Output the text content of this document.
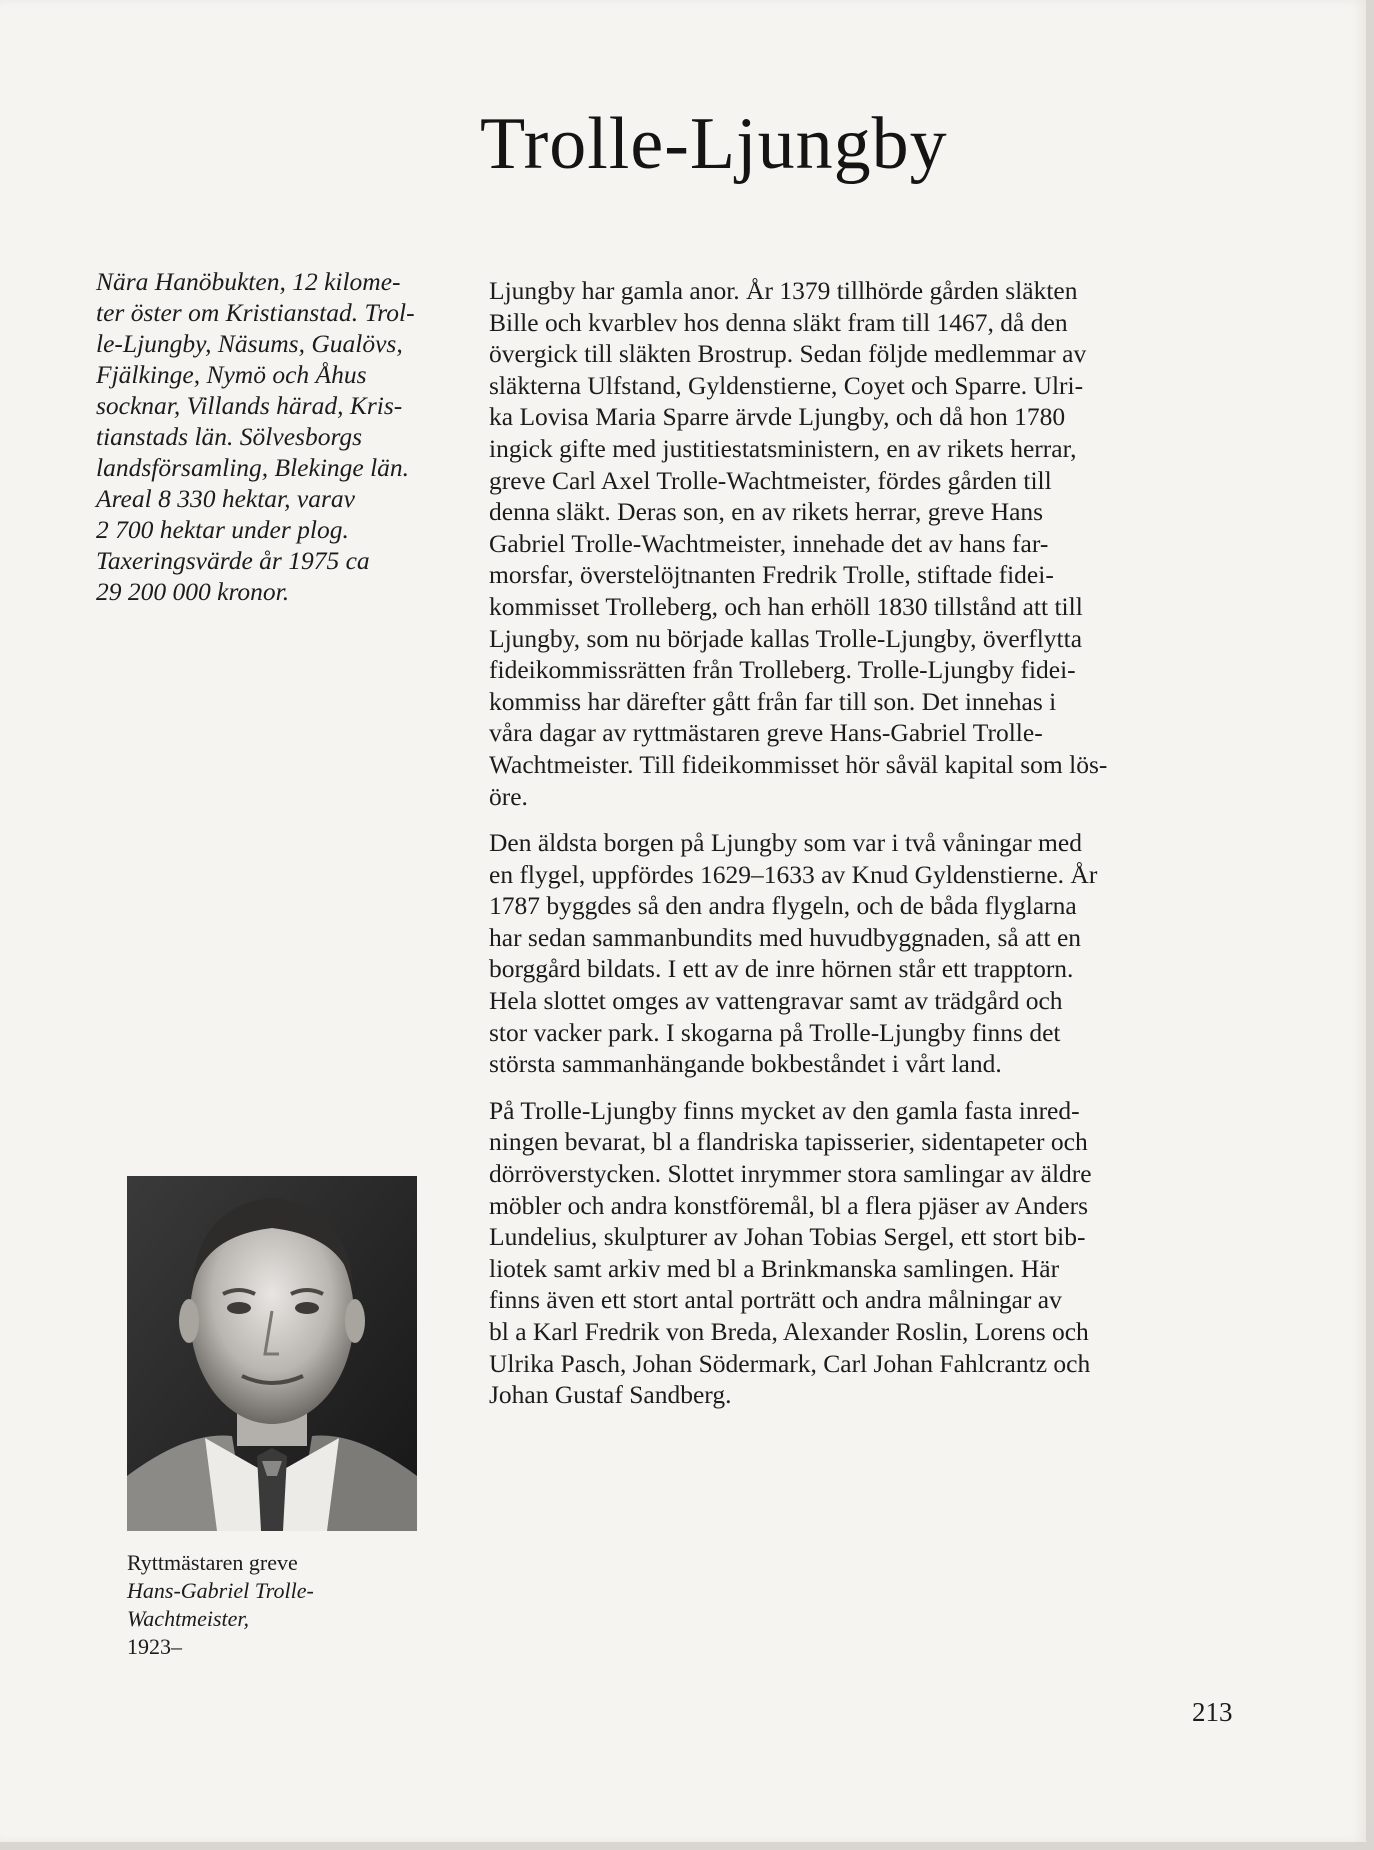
Trolle-Ljungby
Nära Hanöbukten, 12 kilome-
ter öster om Kristianstad. Trol-
le-Ljungby, Näsums, Gualövs,
Fjälkinge, Nymö och Åhus
socknar, Villands härad, Kris-
tianstads län. Sölvesborgs
landsförsamling, Blekinge län.
Areal 8 330 hektar, varav
2 700 hektar under plog.
Taxeringsvärde år 1975 ca
29 200 000 kronor.
Ljungby har gamla anor. År 1379 tillhörde gården släkten
Bille och kvarblev hos denna släkt fram till 1467, då den
övergick till släkten Brostrup. Sedan följde medlemmar av
släkterna Ulfstand, Gyldenstierne, Coyet och Sparre. Ulri-
ka Lovisa Maria Sparre ärvde Ljungby, och då hon 1780
ingick gifte med justitiestatsministern, en av rikets herrar,
greve Carl Axel Trolle-Wachtmeister, fördes gården till
denna släkt. Deras son, en av rikets herrar, greve Hans
Gabriel Trolle-Wachtmeister, innehade det av hans far-
morsfar, överstelöjtnanten Fredrik Trolle, stiftade fidei-
kommisset Trolleberg, och han erhöll 1830 tillstånd att till
Ljungby, som nu började kallas Trolle-Ljungby, överflytta
fideikommissrätten från Trolleberg. Trolle-Ljungby fidei-
kommiss har därefter gått från far till son. Det innehas i
våra dagar av ryttmästaren greve Hans-Gabriel Trolle-
Wachtmeister. Till fideikommisset hör såväl kapital som lös-
öre.
Den äldsta borgen på Ljungby som var i två våningar med
en flygel, uppfördes 1629–1633 av Knud Gyldenstierne. År
1787 byggdes så den andra flygeln, och de båda flyglarna
har sedan sammanbundits med huvudbyggnaden, så att en
borggård bildats. I ett av de inre hörnen står ett trapptorn.
Hela slottet omges av vattengravar samt av trädgård och
stor vacker park. I skogarna på Trolle-Ljungby finns det
största sammanhängande bokbeståndet i vårt land.
På Trolle-Ljungby finns mycket av den gamla fasta inred-
ningen bevarat, bl a flandriska tapisserier, sidentapeter och
dörröverstycken. Slottet inrymmer stora samlingar av äldre
möbler och andra konstföremål, bl a flera pjäser av Anders
Lundelius, skulpturer av Johan Tobias Sergel, ett stort bib-
liotek samt arkiv med bl a Brinkmanska samlingen. Här
finns även ett stort antal porträtt och andra målningar av
bl a Karl Fredrik von Breda, Alexander Roslin, Lorens och
Ulrika Pasch, Johan Södermark, Carl Johan Fahlcrantz och
Johan Gustaf Sandberg.
Ryttmästaren greve
Hans-Gabriel Trolle-
Wachtmeister,
1923–
213
